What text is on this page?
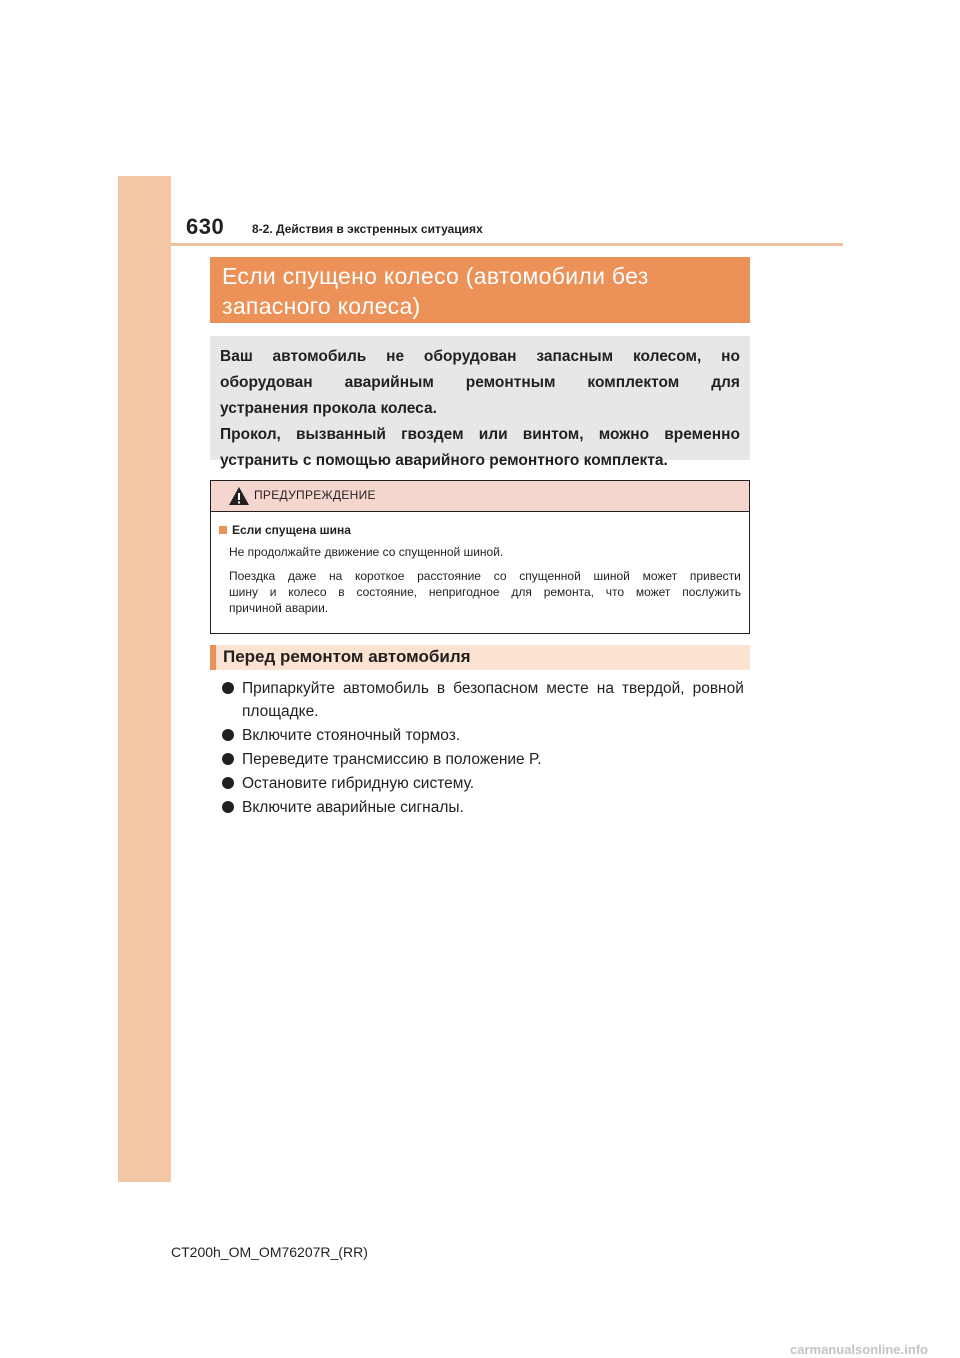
630 8-2. Действия в экстренных ситуациях
Если спущено колесо (автомобили без
запасного колеса)
Ваш автомобиль не оборудован запасным колесом, но
оборудован аварийным ремонтным комплектом для
устранения прокола колеса.
Прокол, вызванный гвоздем или винтом, можно временно
устранить с помощью аварийного ремонтного комплекта.
ПРЕДУПРЕЖДЕНИЕ
Если спущена шина
Не продолжайте движение со спущенной шиной.
Поездка даже на короткое расстояние со спущенной шиной может привести
шину и колесо в состояние, непригодное для ремонта, что может послужить
причиной аварии.
Перед ремонтом автомобиля
Припаркуйте автомобиль в безопасном месте на твердой, ровной
площадке.
Включите стояночный тормоз.
Переведите трансмиссию в положение P.
Остановите гибридную систему.
Включите аварийные сигналы.
CT200h_OM_OM76207R_(RR)
carmanualsonline.info
